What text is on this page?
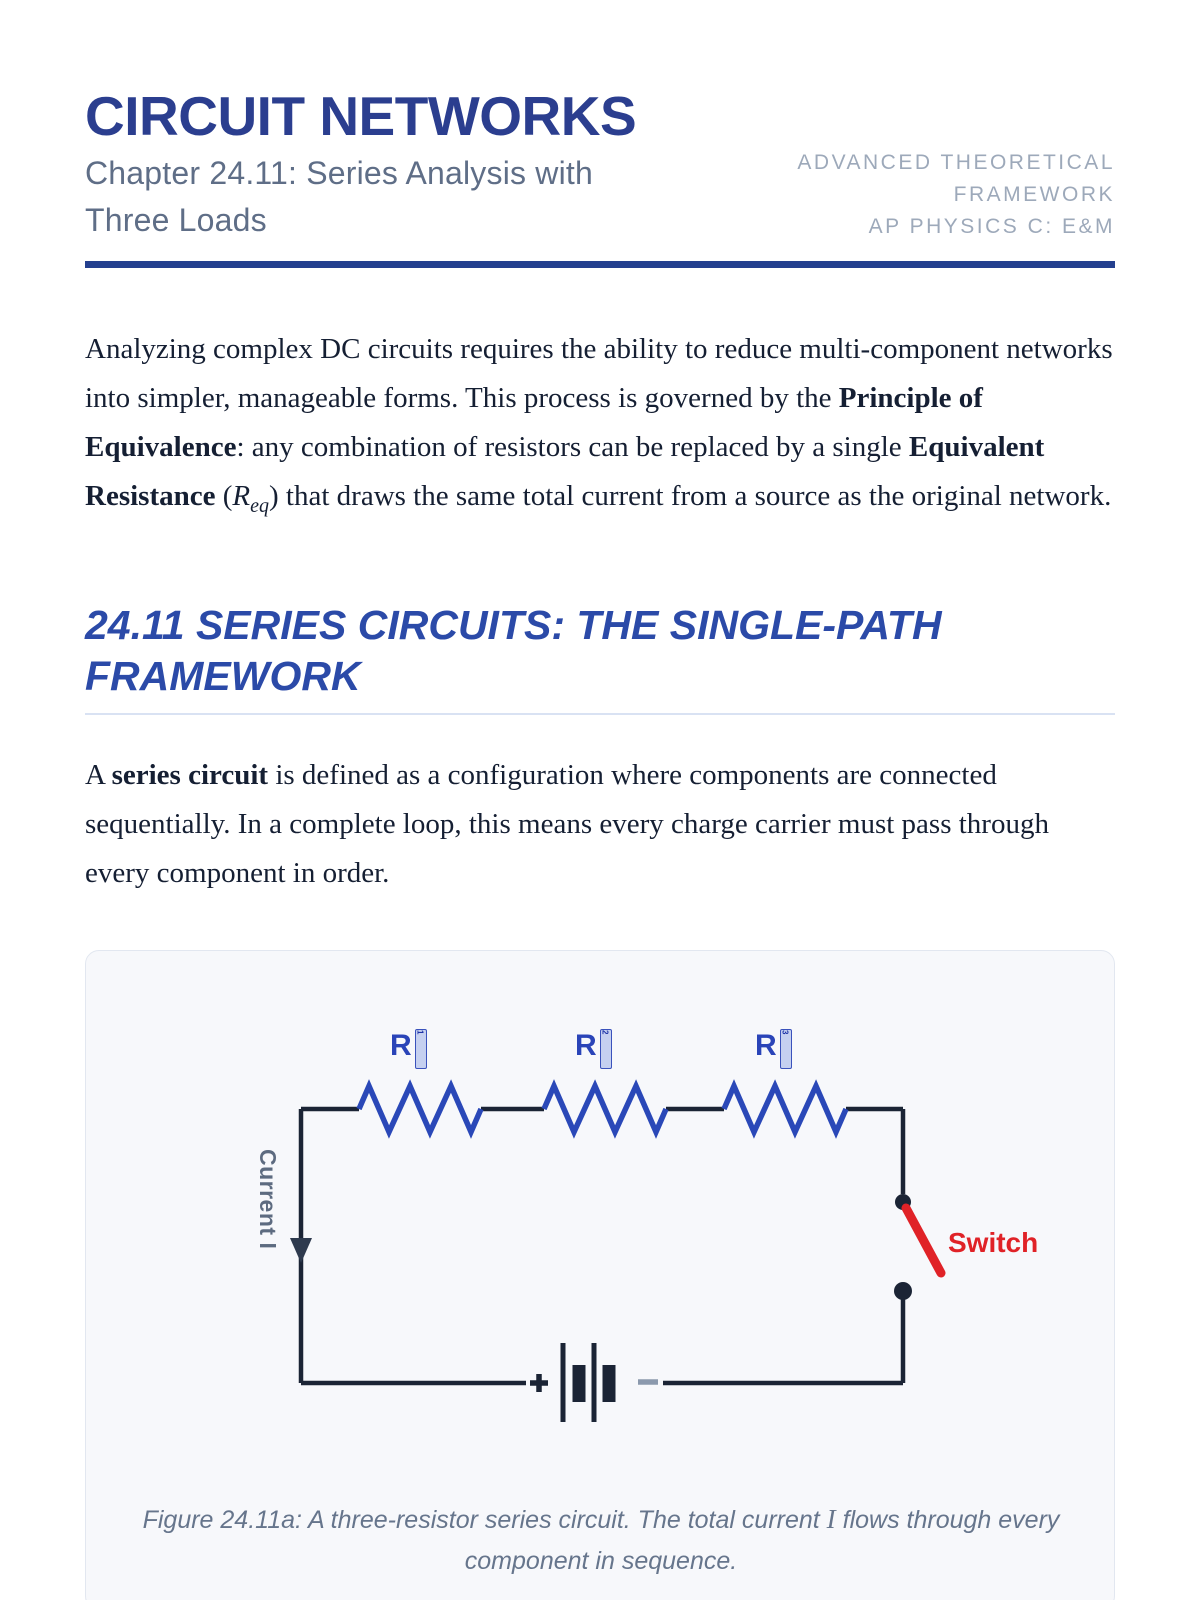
CIRCUIT NETWORKS
Chapter 24.11: Series Analysis with Three Loads
ADVANCED THEORETICAL
FRAMEWORK
AP PHYSICS C: E&M

Analyzing complex DC circuits requires the ability to reduce multi-component networks into simpler, manageable forms. This process is governed by the Principle of Equivalence: any combination of resistors can be replaced by a single Equivalent Resistance $(R_{eq})$ that draws the same total current from a source as the original network.

24.11 SERIES CIRCUITS: THE SINGLE-PATH FRAMEWORK

A series circuit is defined as a configuration where components are connected sequentially. In a complete loop, this means every charge carrier must pass through every component in order.

R 1	R 2	R 3
Current I	Switch
Figure 24.11a: A three-resistor series circuit. The total current I flows through every component in sequence.
